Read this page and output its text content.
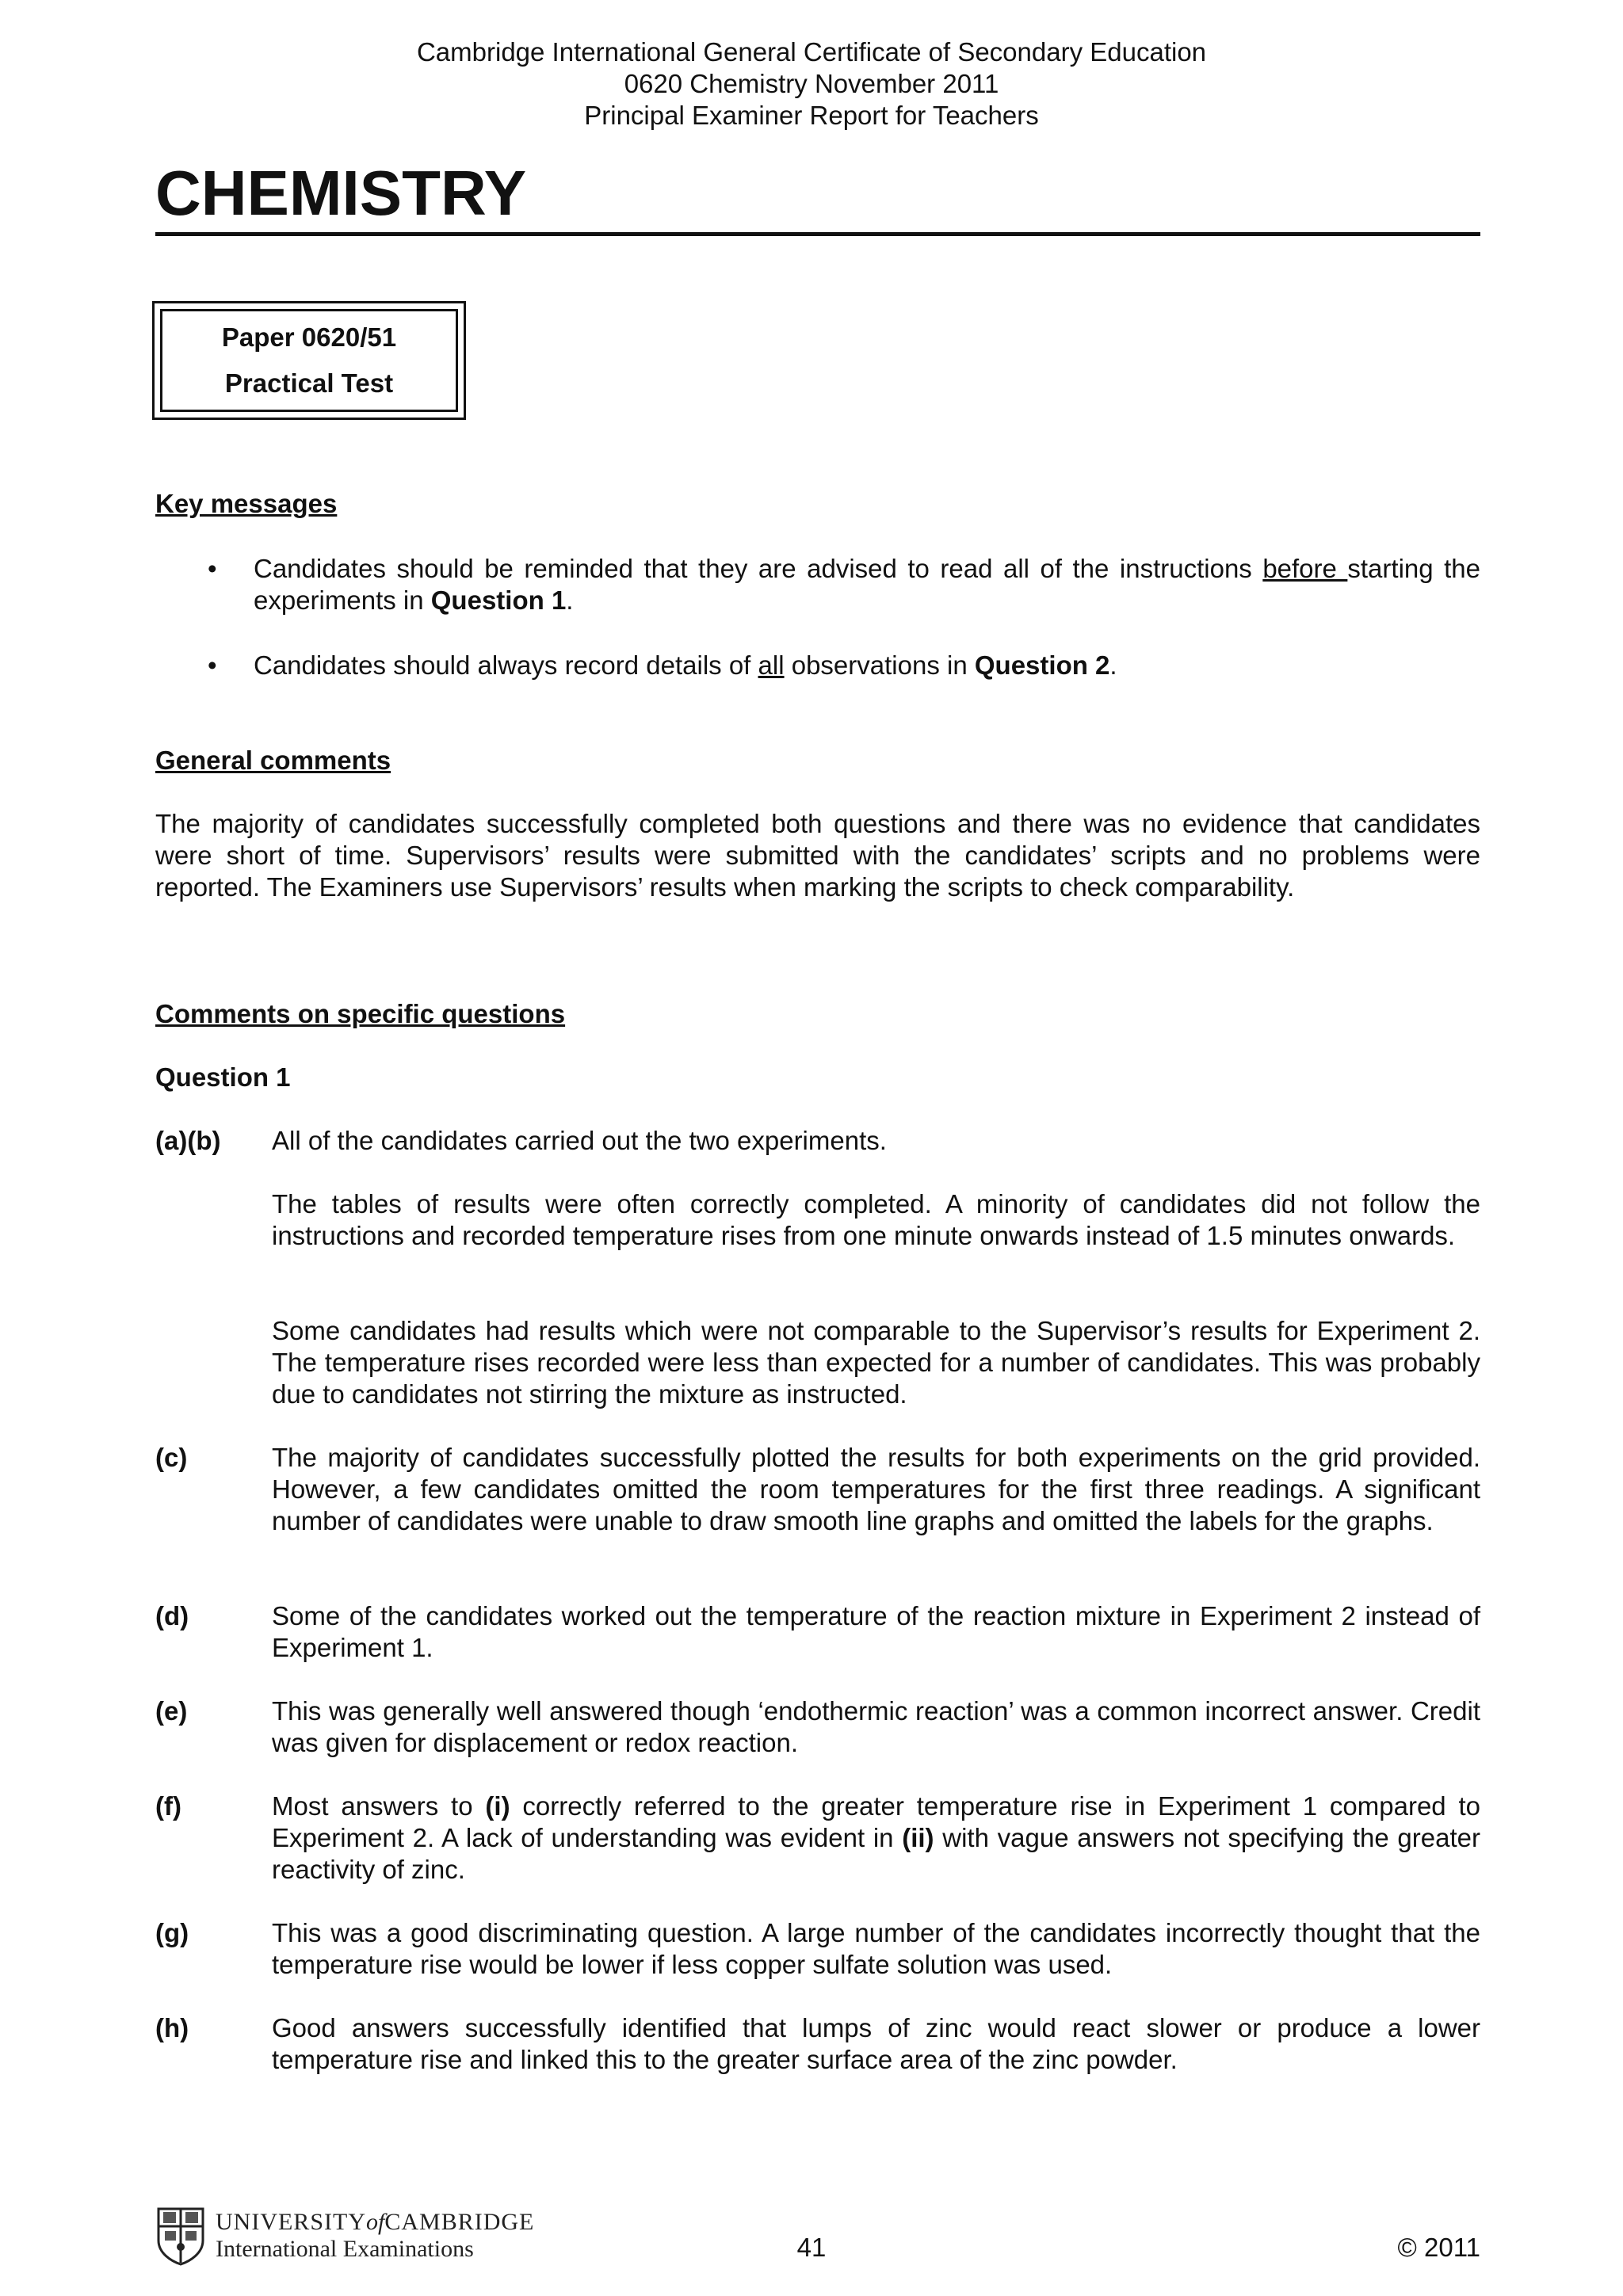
Cambridge International General Certificate of Secondary Education
0620 Chemistry November 2011
Principal Examiner Report for Teachers
CHEMISTRY
Paper 0620/51
Practical Test
Key messages
• Candidates should be reminded that they are advised to read all of the instructions before starting the experiments in Question 1.
• Candidates should always record details of all observations in Question 2.
General comments

The majority of candidates successfully completed both questions and there was no evidence that candidates were short of time. Supervisors’ results were submitted with the candidates’ scripts and no problems were reported. The Examiners use Supervisors’ results when marking the scripts to check comparability.

Comments on specific questions

Question 1

(a)(b) All of the candidates carried out the two experiments.

The tables of results were often correctly completed. A minority of candidates did not follow the instructions and recorded temperature rises from one minute onwards instead of 1.5 minutes onwards.

Some candidates had results which were not comparable to the Supervisor’s results for Experiment 2. The temperature rises recorded were less than expected for a number of candidates. This was probably due to candidates not stirring the mixture as instructed.

(c)	The majority of candidates successfully plotted the results for both experiments on the grid provided. However, a few candidates omitted the room temperatures for the first three readings. A significant number of candidates were unable to draw smooth line graphs and omitted the labels for the graphs.

(d)	Some of the candidates worked out the temperature of the reaction mixture in Experiment 2 instead of Experiment 1.

(e)	This was generally well answered though ‘endothermic reaction’ was a common incorrect answer. Credit was given for displacement or redox reaction.

(f)	Most answers to (i) correctly referred to the greater temperature rise in Experiment 1 compared to Experiment 2. A lack of understanding was evident in (ii) with vague answers not specifying the greater reactivity of zinc.

(g)	This was a good discriminating question. A large number of the candidates incorrectly thought that the temperature rise would be lower if less copper sulfate solution was used.

(h)	Good answers successfully identified that lumps of zinc would react slower or produce a lower temperature rise and linked this to the greater surface area of the zinc powder.

UNIVERSITYofCAMBRIDGE
International Examinations	41	© 2011
